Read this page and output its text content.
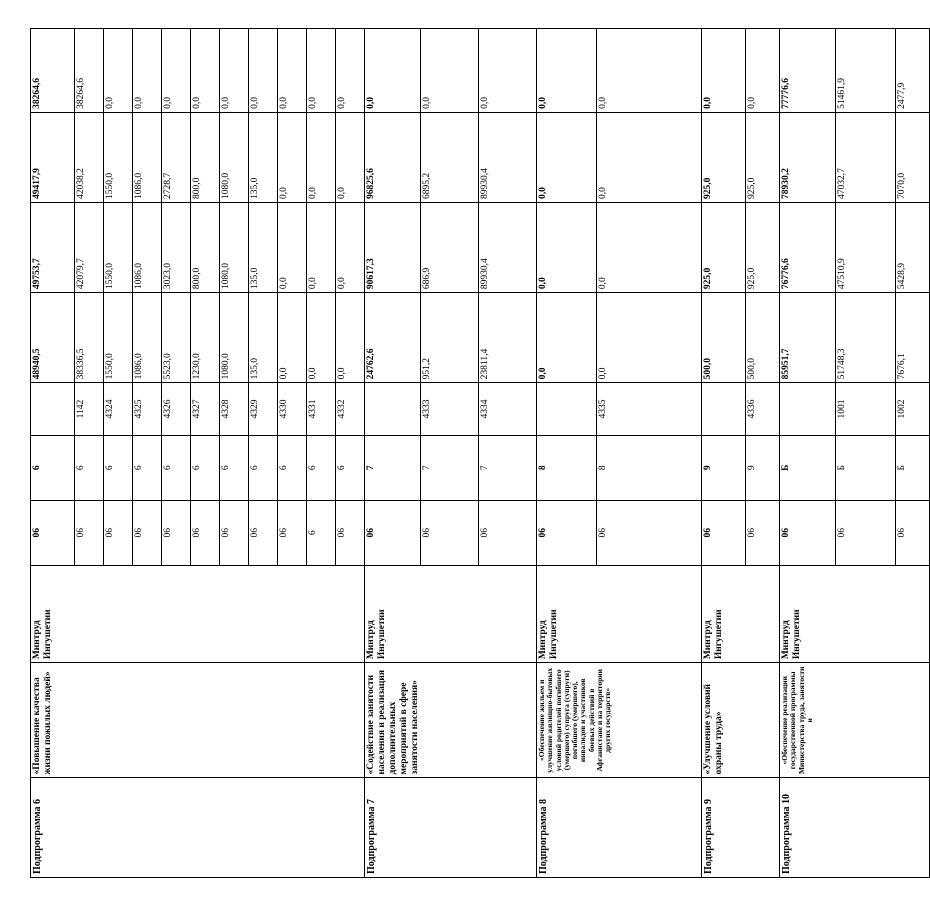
Подпрограмма 6	«Повышение качества жизни пожилых людей»	Минтруд Ингушетии	06	6		48940,5	49753,7	49417,9	38264,6
			06	6	1142	38336,5	42079,7	42038,2	38264,6
			06	6	4324	1550,0	1550,0	1550,0	0,0
			06	6	4325	1086,0	1086,0	1086,0	0,0
			06	6	4326	5523,0	3023,0	2728,7	0,0
			06	6	4327	1230,0	800,0	800,0	0,0
			06	6	4328	1080,0	1080,0	1080,0	0,0
			06	6	4329	135,0	135,0	135,0	0,0
			06	6	4330	0,0	0,0	0,0	0,0
			6	6	4331	0,0	0,0	0,0	0,0
			06	6	4332	0,0	0,0	0,0	0,0
Подпрограмма 7	«Содействие занятости населения и реализация дополнительных мероприятий в сфере занятости населения»	Минтруд Ингушетии	06	7		24762,6	90617,3	96825,6	0,0
			06	7	4333	951,2	686,9	6895,2	0,0
			06	7	4334	23811,4	89930,4	89930,4	0,0
Подпрограмма 8	«Обеспечение жильем и улучшение жилищно-бытовых условий родителей погибшего (умершего) супруга (супруги) погибшего (умершего), инвалидов и участников боевых действий в Афганистане и на территории других государств»	Минтруд Ингушетии	06	8		0,0	0,0	0,0	0,0
			06	8	4335	0,0	0,0	0,0	0,0
Подпрограмма 9	«Улучшение условий охраны труда»	Минтруд Ингушетии	06	9		500,0	925,0	925,0	0,0
			06	9	4336	500,0	925,0	925,0	0,0
Подпрограмма 10	«Обеспечение реализации государственной программы Министерства труда, занятости и	Минтруд Ингушетии	06	Б		85951,7	76776,6	78930,2	77776,6
			06	Б	1001	51748,3	47510,9	47032,7	51461,9
			06	Б	1002	7676,1	5428,9	7070,0	2477,9
